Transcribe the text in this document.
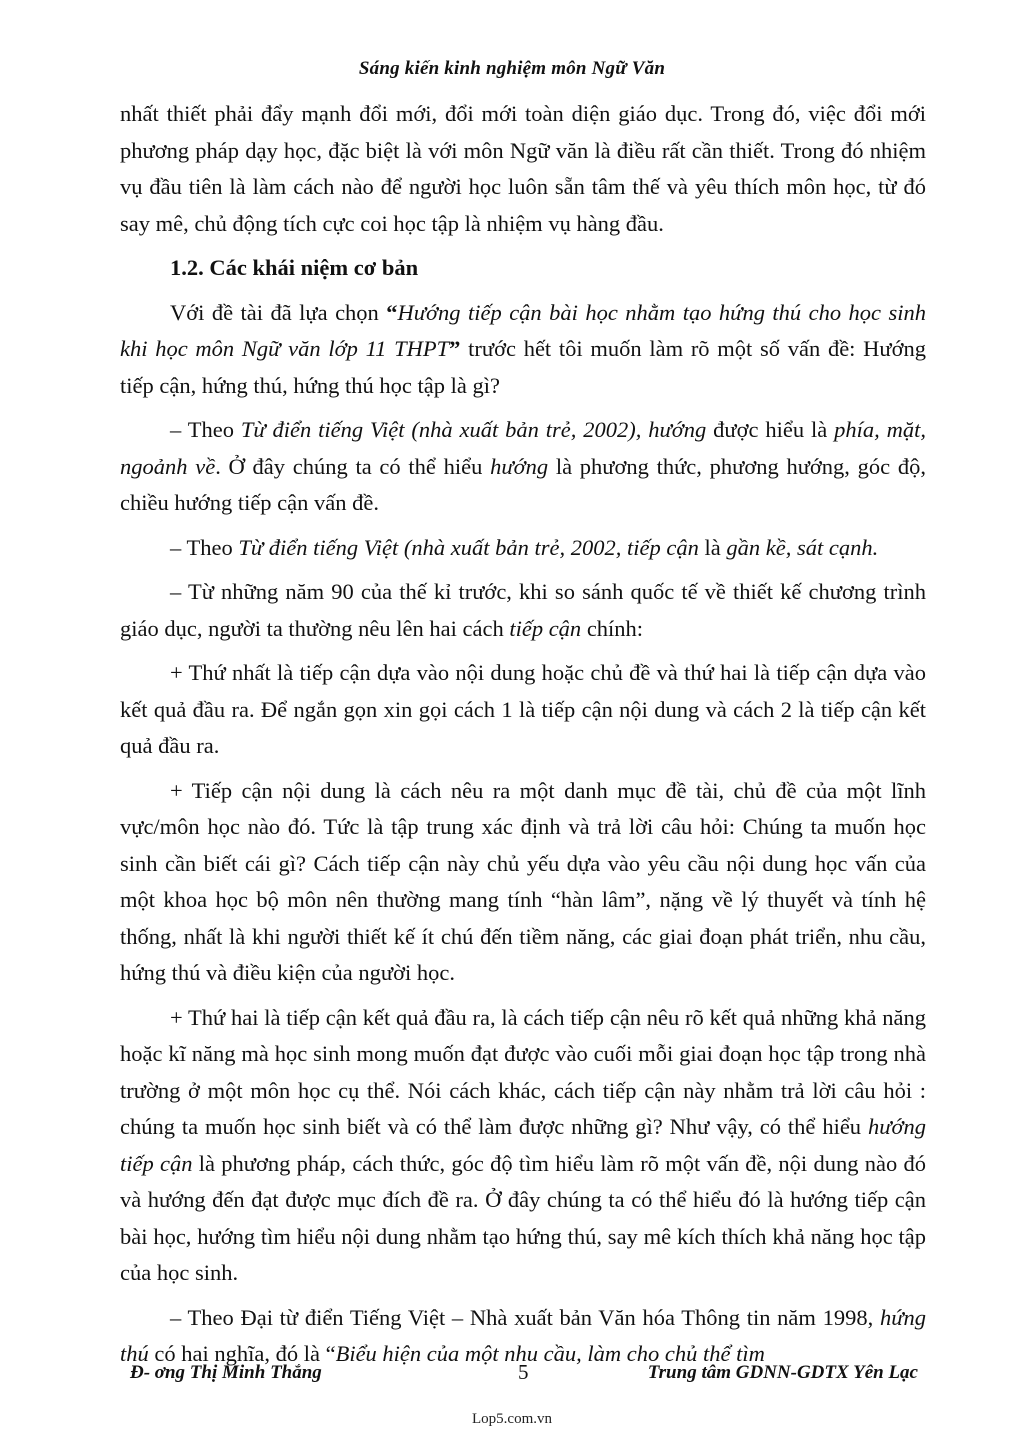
Sáng kiến kinh nghiệm môn Ngữ Văn

nhất thiết phải đẩy mạnh đổi mới, đổi mới toàn diện giáo dục. Trong đó, việc đổi mới phương pháp dạy học, đặc biệt là với môn Ngữ văn là điều rất cần thiết. Trong đó nhiệm vụ đầu tiên là làm cách nào để người học luôn sẵn tâm thế và yêu thích môn học, từ đó say mê, chủ động tích cực coi học tập là nhiệm vụ hàng đầu.

1.2. Các khái niệm cơ bản

Với đề tài đã lựa chọn “Hướng tiếp cận bài học nhằm tạo hứng thú cho học sinh khi học môn Ngữ văn lớp 11 THPT” trước hết tôi muốn làm rõ một số vấn đề: Hướng tiếp cận, hứng thú, hứng thú học tập là gì?

– Theo Từ điển tiếng Việt (nhà xuất bản trẻ, 2002), hướng được hiểu là phía, mặt, ngoảnh về. Ở đây chúng ta có thể hiểu hướng là phương thức, phương hướng, góc độ, chiều hướng tiếp cận vấn đề.

– Theo Từ điển tiếng Việt (nhà xuất bản trẻ, 2002, tiếp cận là gần kề, sát cạnh.

– Từ những năm 90 của thế kỉ trước, khi so sánh quốc tế về thiết kế chương trình giáo dục, người ta thường nêu lên hai cách tiếp cận chính:

+ Thứ nhất là tiếp cận dựa vào nội dung hoặc chủ đề và thứ hai là tiếp cận dựa vào kết quả đầu ra. Để ngắn gọn xin gọi cách 1 là tiếp cận nội dung và cách 2 là tiếp cận kết quả đầu ra.

+ Tiếp cận nội dung là cách nêu ra một danh mục đề tài, chủ đề của một lĩnh vực/môn học nào đó. Tức là tập trung xác định và trả lời câu hỏi: Chúng ta muốn học sinh cần biết cái gì? Cách tiếp cận này chủ yếu dựa vào yêu cầu nội dung học vấn của một khoa học bộ môn nên thường mang tính “hàn lâm”, nặng về lý thuyết và tính hệ thống, nhất là khi người thiết kế ít chú đến tiềm năng, các giai đoạn phát triển, nhu cầu, hứng thú và điều kiện của người học.

+ Thứ hai là tiếp cận kết quả đầu ra, là cách tiếp cận nêu rõ kết quả những khả năng hoặc kĩ năng mà học sinh mong muốn đạt được vào cuối mỗi giai đoạn học tập trong nhà trường ở một môn học cụ thể. Nói cách khác, cách tiếp cận này nhằm trả lời câu hỏi : chúng ta muốn học sinh biết và có thể làm được những gì? Như vậy, có thể hiểu hướng tiếp cận là phương pháp, cách thức, góc độ tìm hiểu làm rõ một vấn đề, nội dung nào đó và hướng đến đạt được mục đích đề ra. Ở đây chúng ta có thể hiểu đó là hướng tiếp cận bài học, hướng tìm hiểu nội dung nhằm tạo hứng thú, say mê kích thích khả năng học tập của học sinh.

– Theo Đại từ điển Tiếng Việt – Nhà xuất bản Văn hóa Thông tin năm 1998, hứng thú có hai nghĩa, đó là “Biểu hiện của một nhu cầu, làm cho chủ thể tìm

Đ- ơng Thị Minh Thắng	5	Trung tâm GDNN-GDTX Yên Lạc
Lop5.com.vn
